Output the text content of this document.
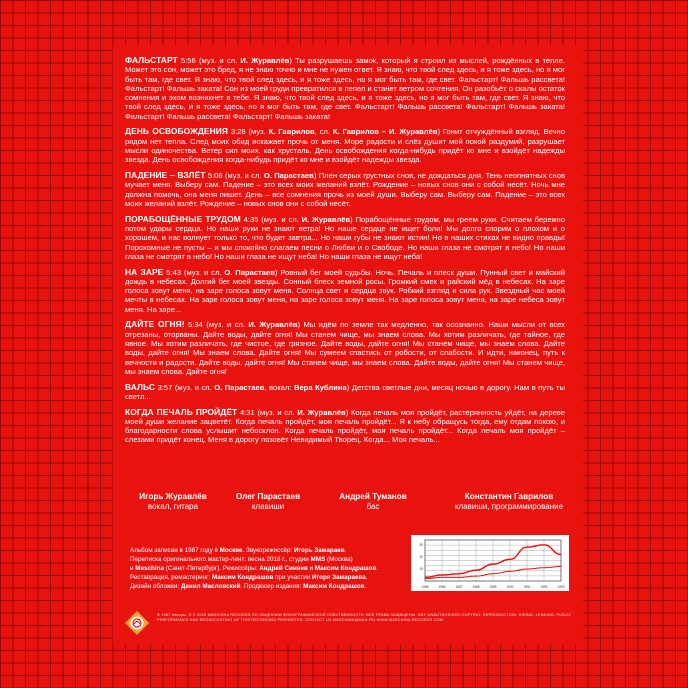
ФАЛЬСТАРТ 5:56 (муз. и сл. И. Журавлёв) Ты разрушаешь замок, который я строил из мыслей, рождённых в тепле. Может это сон, может это бред, я не знаю точно и мне не нужен ответ. Я знаю, что твой след здесь, и я тоже здесь, но я мог быть там, где свет. Я знаю, что твой след здесь, и я тоже здесь, но я мог быть там, где свет. Фальстарт! Фальшь рассвета! Фальстарт! Фальшь заката! Сон из моей груди превратился в пепел и станет ветром сочтения. Он разобьёт о скалы остаток сомнения и эхом возникнет в тебе. Я знаю, что твой след здесь, и я тоже здесь, но я мог быть там, где свет. Я знаю, что твой след здесь, и я тоже здесь, но я мог быть там, где свет. Фальстарт! Фальшь рассвета! Фальстарт! Фальшь заката! Фальстарт! Фальшь рассвета! Фальстарт! Фальшь заката!

ДЕНЬ ОСВОБОЖДЕНИЯ 3:28 (муз. К. Гаврилов, сл. К. Гаврилов – И. Журавлёв) Гонит отчуждённый взгляд. Вечно рядом нет тепла. След моих обид искажает прочь от меня. Море радости и слёз душит мой покой раздумий, разрушает мысли одиночества. Ветер сил моих, как хрусталь. День освобождения когда-нибудь придёт ко мне и взойдёт надежды звезда. День освобождения когда-нибудь придёт ко мне и взойдёт надежды звезда.

ПАДЕНИЕ – ВЗЛЁТ 5:06 (муз. и сл. О. Парастаев) Плен серых грустных снов, не дождаться дня. Тень неопнятных снов мучает меня. Выберу сам. Падение – это всех моих желаний взлёт. Рождение – новых снов они с собой несёт. Ночь мне должна помочь, она меня пишет. День – все сомнения прочь из моей души. Выберу сам. Выберу сам. Падение – это всех моих желаний взлёт. Рождение – новых снов они с собой несёт.

ПОРАБОЩЁННЫЕ ТРУДОМ 4:35 (муз. и сл. И. Журавлёв) Порабощённые трудом, мы греем руки. Считаем бережно потом удары сердца. Но наши руки не знают ветра! Но наше сердце не ищет боли! Мы долго спорим о плохом и о хорошем, и нас волнует только то, что будет завтра... Но наши губы не знают истин! Но в наших стихах не видно правды! Порохомные не пусты – и мы спокойно слагаем песни о Любви и о Свободе. Но наши глаза не смотрят в небо! Но наши глаза не смотрят в небо! Но наши глаза не ищут неба! Но наши глаза не ищут неба!

НА ЗАРЕ 5:43 (муз. и сл. О. Парастаев) Ровный бег моей судьбы. Ночь. Печаль и плеск души. Пунный свет и майский дождь в небесах. Долгий бег моей звезды. Сонный блеск земной росы. Громкий смех и райский мёд в небесах. На заре голоса зовут меня, на заре голоса зовут меня. Солнца свет и сердца звук. Робкий взгляд и сила рук. Звездный час моей мечты в небесах. На заре голоса зовут меня, на заре голоса зовут меня. На заре голоса зовут меня, на заре небеса зовут меня. На заре...

ДАЙТЕ ОГНЯ! 5:34 (муз. и сл. И. Журавлёв) Мы идём по земле так медленно, так осознанно. Наши мысли от всех отрезаны, оторваны. Дайте воды, дайте огня! Мы станем чище, мы знаем слова. Мы хотим различать, где тайное, где явное. Мы хотим различать, где чистое, где грязное. Дайте воды, дайте огня! Мы станем чище, мы знаем слова. Дайте воды, дайте огня! Мы знаем слова. Дайте огня! Мы сумеем спастись от робости, от слабости. И идти, наконец, путь к вечности и радости. Дайте воды, дайте огня! Мы станем чище, мы знаем слова. Дайте воды, дайте огня! Мы станем чище, мы знаем слова. Дайте огня!

ВАЛЬС 3:57 (муз. и сл. О. Парастаев, вокал: Вера Кублина) Детства светлые дни, месяц ночью в дорогу. Нам в путь ты светл...

КОГДА ПЕЧАЛЬ ПРОЙДЁТ 4:31 (муз. и сл. И. Журавлёв) Когда печаль моя пройдёт, растерянность уйдёт, на дереве моей души желание зацветёт. Когда печаль пройдёт, моя печаль пройдёт... Я к небу обращусь тогда, ему отдам покою, и благодарности слова услышит небосклон. Когда печаль пройдёт, моя печаль пройдёт... Когда печаль моя пройдёт – слезами придёт конец. Меня в дорогу позовёт Невидимый Творец. Когда... Моя печаль...

Игорь Журавлёв
вокал, гитара
Олег Парастаев
клавиши
Андрей Туманов
бас
Константин Гаврилов
клавиши, программирование
Альбом записан в 1987 году в Москве. Звукорежиссёр: Игорь Замараев.
Переписка оригинального мастер-лент: весна 2018 г., студии MMS (Москва)
и Meschina (Санкт-Петербург). Режиссёры: Андрей Синяев и Максим Кондрашов.
Реставрация, ремастеринг: Максим Кондрашов при участии Игоря Замараева.
Дизайн обложки: Данил Масловский. Продюсер издания: Максим Кондрашов.	1985	1986	1987	1988	1989	1990	1991	1992	1993
10
20
30
℗ 1987 Авторы. © © 2018 MASCHINA RECORDS ПО ЛИЦЕНЗИИ ФОНОГРАФИЧЕСКОЙ СОБСТВЕННОСТИ. ВСЕ ПРАВА ЗАЩИЩЕНЫ. ANY UNAUTHORISED COPYING, REPRODUCTION, HIRING, LENDING, PUBLIC PERFORMANCE AND BROADCASTING OF THIS RECORDING PROHIBITED. CONTACT US MASCHINA@MAIL.RU WWW.MASCHINA-RECORDS.COM
